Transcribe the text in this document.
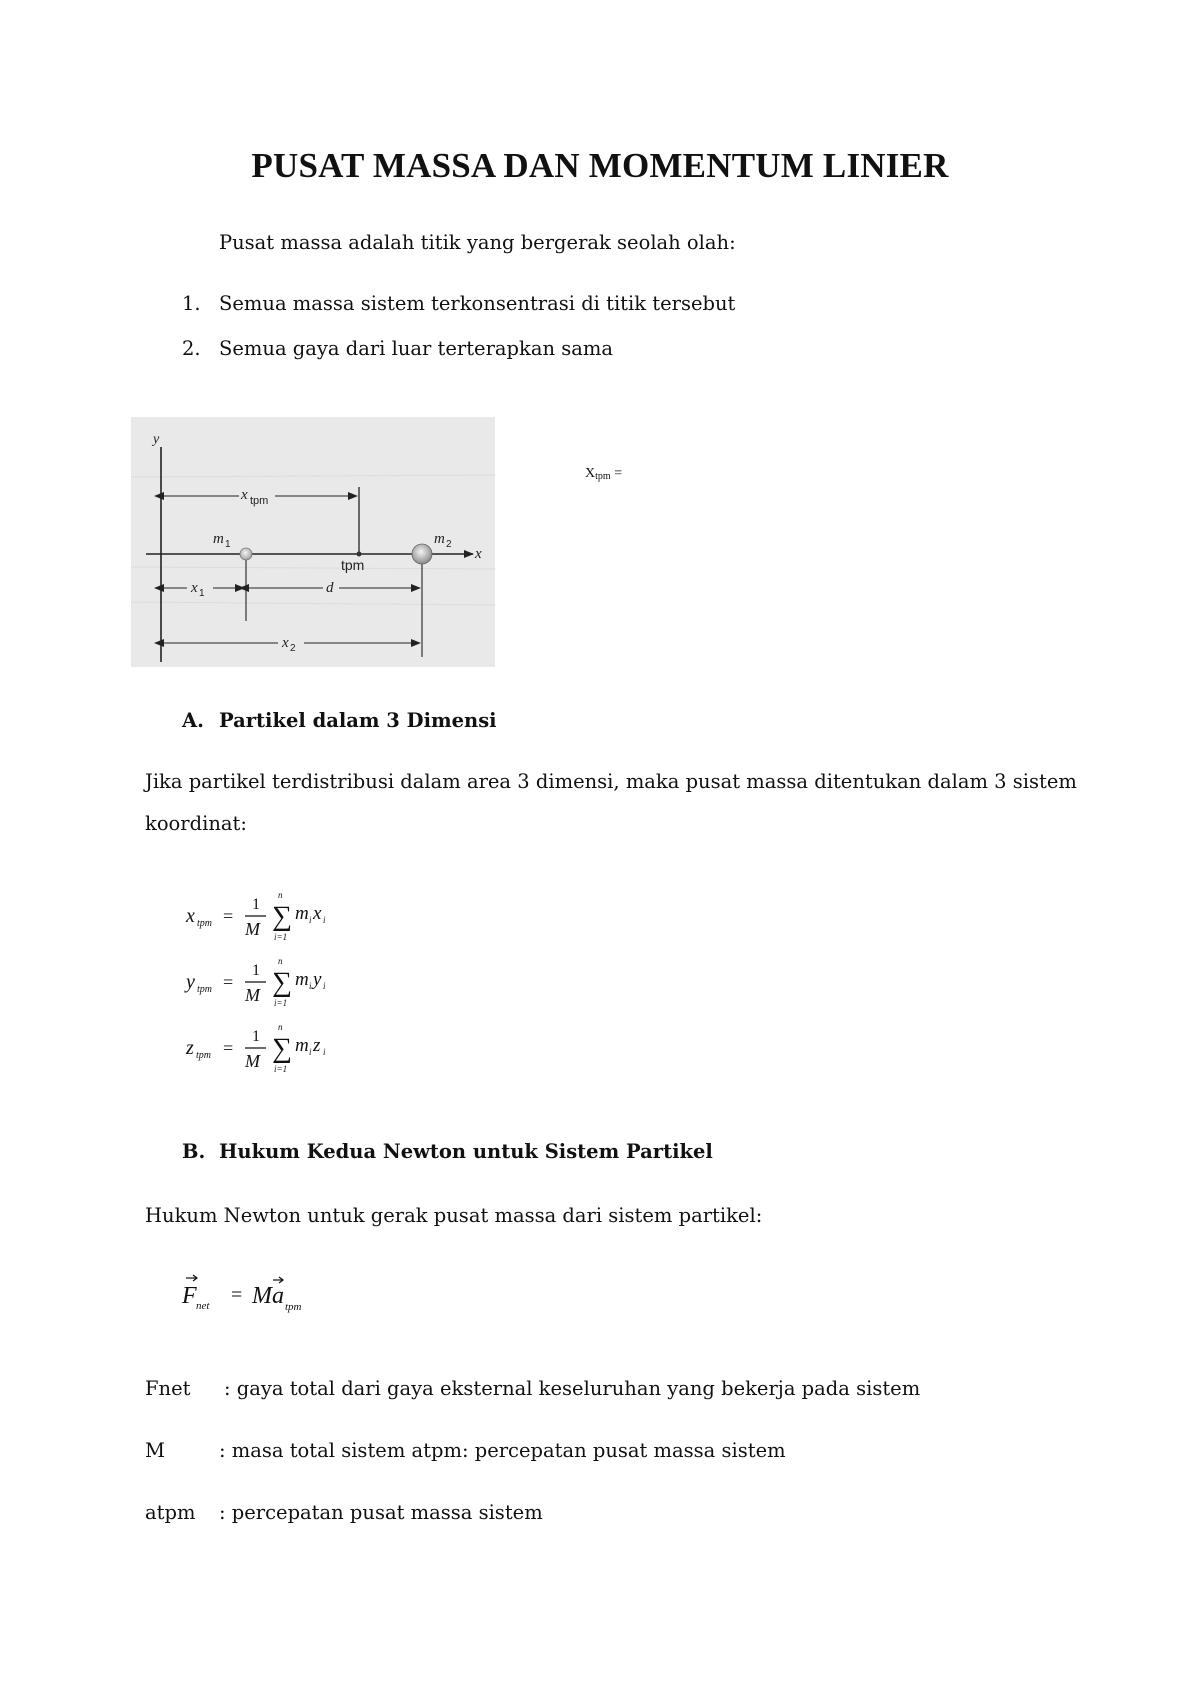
PUSAT MASSA DAN MOMENTUM LINIER
Pusat massa adalah titik yang bergerak seolah olah:
1. Semua massa sistem terkonsentrasi di titik tersebut
2. Semua gaya dari luar terterapkan sama
y
x
tpm
x tpm
m 1	m 2
x 1	d
x 2
Xtpm =
A. Partikel dalam 3 Dimensi
Jika partikel terdistribusi dalam area 3 dimensi, maka pusat massa ditentukan dalam 3 sistem
koordinat:
x tpm =
1
M
n
∑
i=1
m i x i
y tpm =
1
M
n
∑
i=1
m i y i
z tpm =
1
M
n
∑
i=1
m i z i
B. Hukum Kedua Newton untuk Sistem Partikel
Hukum Newton untuk gerak pusat massa dari sistem partikel:
F net = M a tpm
Fnet : gaya total dari gaya eksternal keseluruhan yang bekerja pada sistem
M	: masa total sistem atpm: percepatan pusat massa sistem
atpm : percepatan pusat massa sistem
